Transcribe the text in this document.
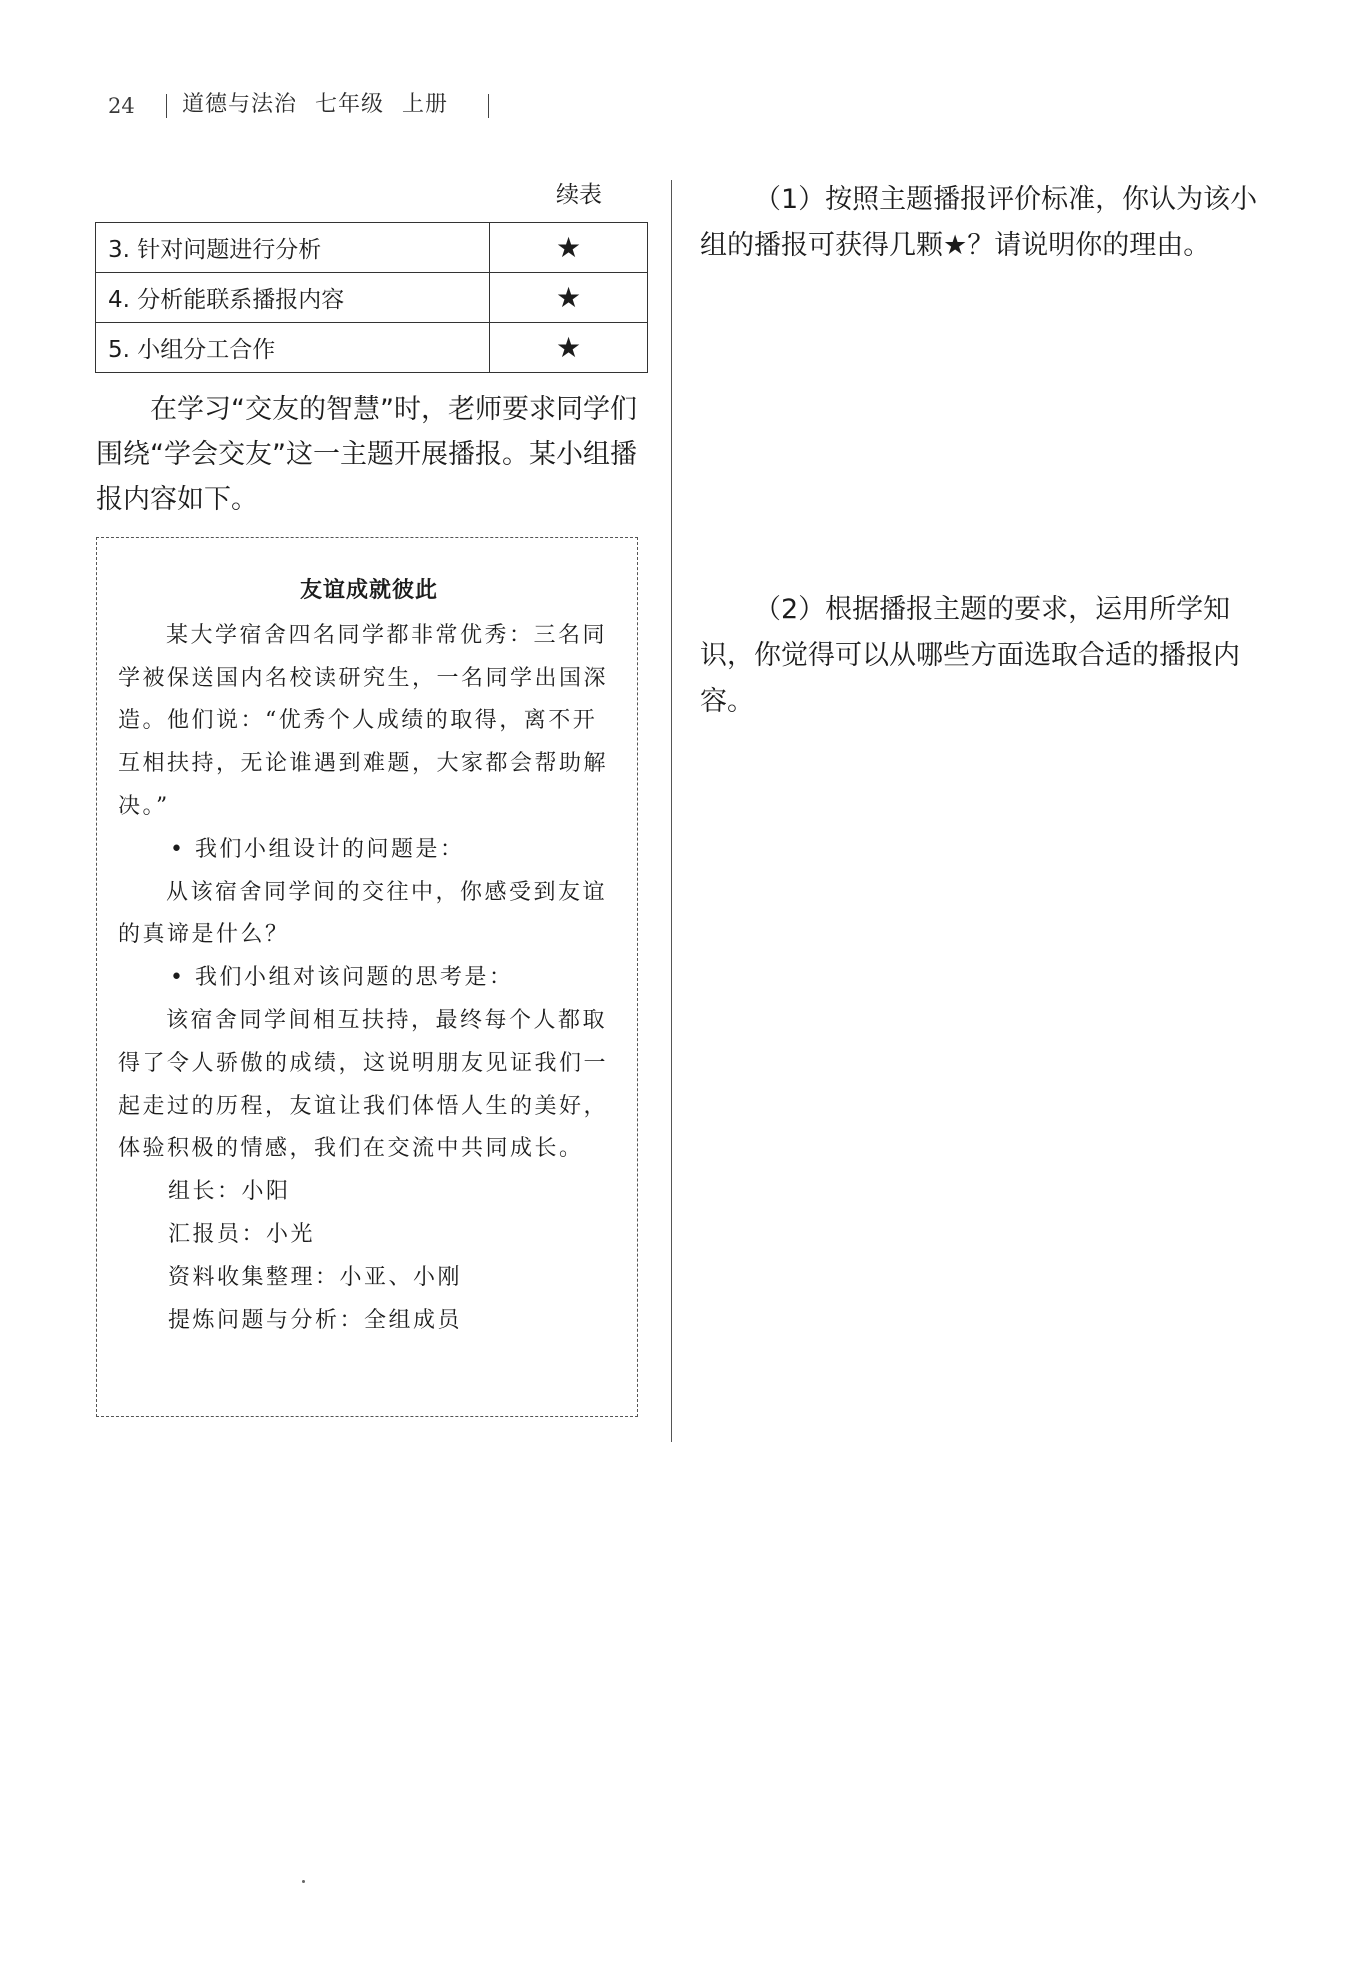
24 道德与法治 七年级 上册
续表
3. 针对问题进行分析	★
4. 分析能联系播报内容	★
5. 小组分工合作	★

在学习“交友的智慧”时，老师要求同学们围绕“学会交友”这一主题开展播报。某小组播报内容如下。

友谊成就彼此

某大学宿舍四名同学都非常优秀：三名同学被保送国内名校读研究生，一名同学出国深造。他们说：“优秀个人成绩的取得，离不开互相扶持，无论谁遇到难题，大家都会帮助解决。”

• 我们小组设计的问题是：

从该宿舍同学间的交往中，你感受到友谊的真谛是什么？

• 我们小组对该问题的思考是：

该宿舍同学间相互扶持，最终每个人都取得了令人骄傲的成绩，这说明朋友见证我们一起走过的历程，友谊让我们体悟人生的美好，体验积极的情感，我们在交流中共同成长。

组长：小阳

汇报员：小光

资料收集整理：小亚、小刚

提炼问题与分析：全组成员

（1）按照主题播报评价标准，你认为该小组的播报可获得几颗★？请说明你的理由。

（2）根据播报主题的要求，运用所学知识，你觉得可以从哪些方面选取合适的播报内容。
